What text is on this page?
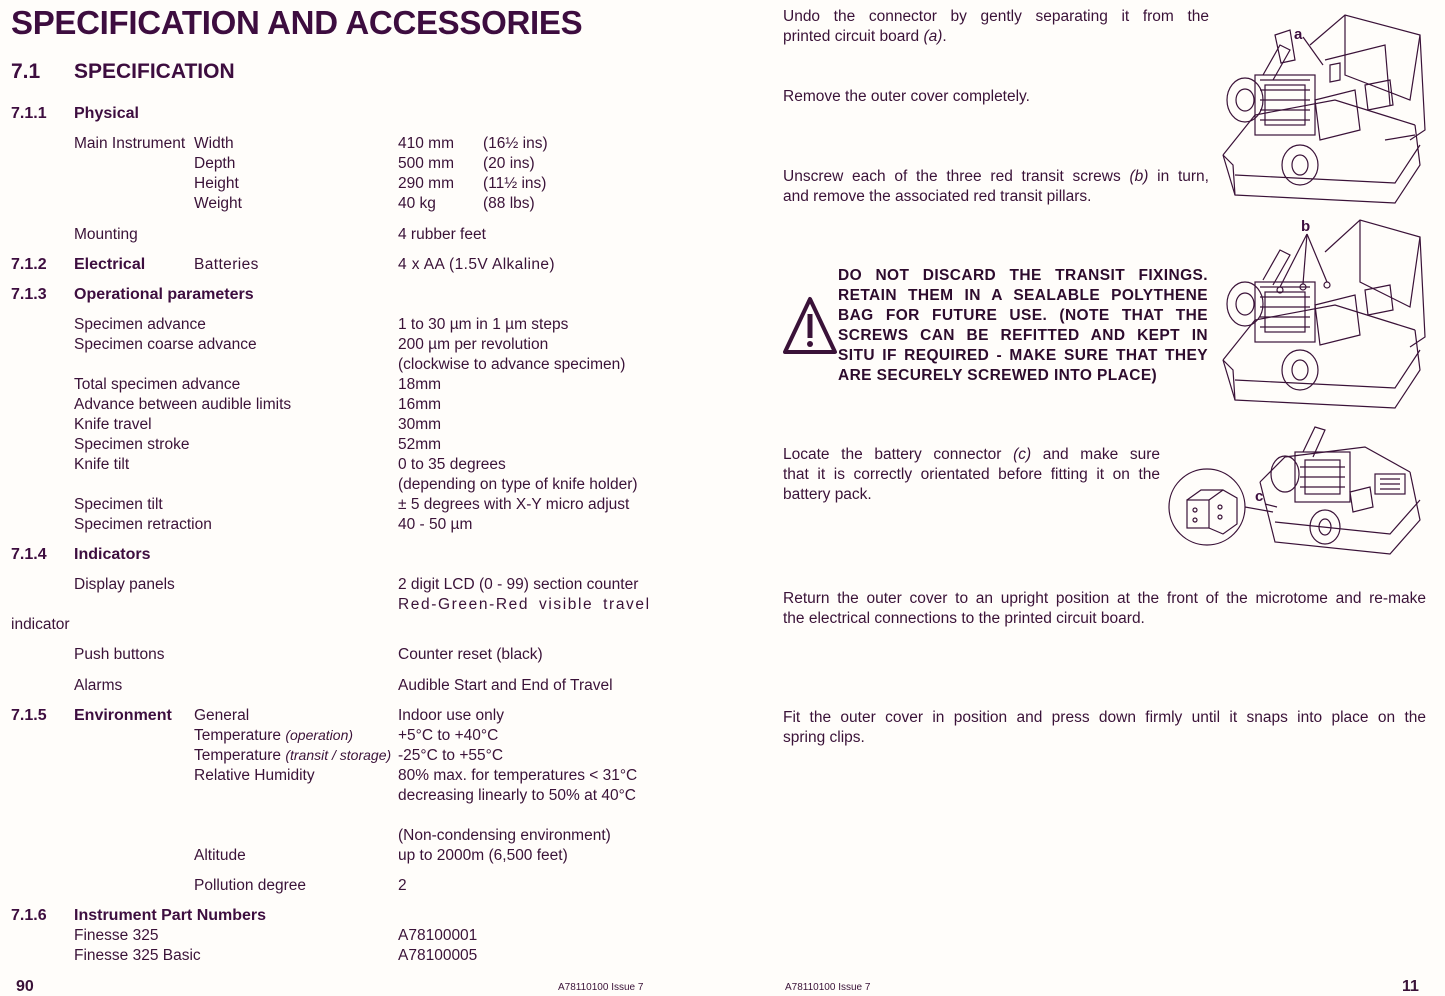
SPECIFICATION AND ACCESSORIES
7.1 SPECIFICATION
7.1.1 Physical
Main Instrument Width	410 mm (16½ ins)
Depth	500 mm (20 ins)
Height	290 mm (11½ ins)
Weight	40 kg	(88 lbs)
Mounting	4 rubber feet
7.1.2 Electrical	Batteries	4 x AA (1.5V Alkaline)
7.1.3 Operational parameters
Specimen advance	1 to 30 µm in 1 µm steps
Specimen coarse advance	200 µm per revolution
(clockwise to advance specimen)
Total specimen advance	18mm
Advance between audible limits	16mm
Knife travel	30mm
Specimen stroke	52mm
Knife tilt	0 to 35 degrees
(depending on type of knife holder)
Specimen tilt	± 5 degrees with X-Y micro adjust
Specimen retraction	40 - 50 µm
7.1.4 Indicators
Display panels	2 digit LCD (0 - 99) section counter
Red-Green-Red visible travel
indicator
Push buttons	Counter reset (black)
Alarms	Audible Start and End of Travel
7.1.5 Environment General	Indoor use only
Temperature (operation)	+5°C to +40°C
Temperature (transit / storage) -25°C to +55°C
Relative Humidity	80% max. for temperatures < 31°C
decreasing linearly to 50% at 40°C
(Non-condensing environment)
Altitude	up to 2000m (6,500 feet)
Pollution degree	2
7.1.6 Instrument Part Numbers
Finesse 325	A78100001
Finesse 325 Basic	A78100005
90	A78110100 Issue 7
Undo the connector by gently separating it from the
printed circuit board (a).
Remove the outer cover completely.
Unscrew each of the three red transit screws (b) in turn,
and remove the associated red transit pillars.
DO NOT DISCARD THE TRANSIT FIXINGS.
RETAIN THEM IN A SEALABLE POLYTHENE
BAG FOR FUTURE USE. (NOTE THAT THE
SCREWS CAN BE REFITTED AND KEPT IN
SITU IF REQUIRED - MAKE SURE THAT THEY
ARE SECURELY SCREWED INTO PLACE)
Locate the battery connector (c) and make sure
that it is correctly orientated before fitting it on the
battery pack.
Return the outer cover to an upright position at the front of the microtome and re-make
the electrical connections to the printed circuit board.
Fit the outer cover in position and press down firmly until it snaps into place on the
spring clips.
a
b
c
A78110100 Issue 7	11
